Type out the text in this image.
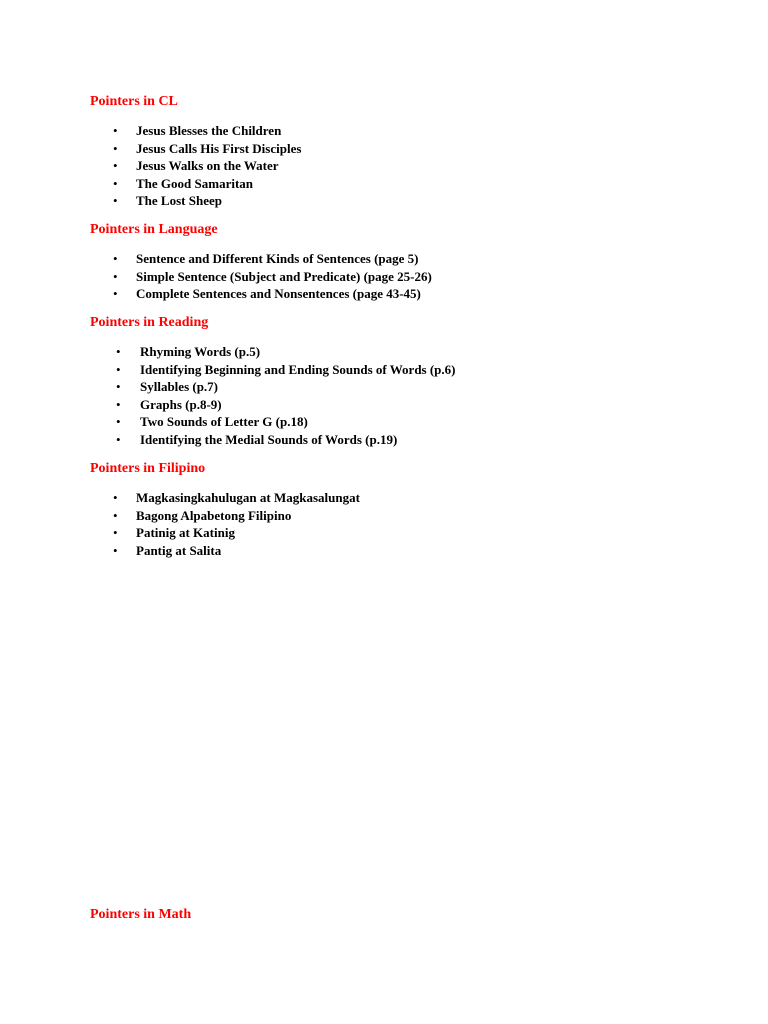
Pointers in CL
• Jesus Blesses the Children
• Jesus Calls His First Disciples
• Jesus Walks on the Water
• The Good Samaritan
• The Lost Sheep
Pointers in Language
• Sentence and Different Kinds of Sentences (page 5)
• Simple Sentence (Subject and Predicate) (page 25-26)
• Complete Sentences and Nonsentences (page 43-45)
Pointers in Reading
• Rhyming Words (p.5)
• Identifying Beginning and Ending Sounds of Words (p.6)
• Syllables (p.7)
• Graphs (p.8-9)
• Two Sounds of Letter G (p.18)
• Identifying the Medial Sounds of Words (p.19)
Pointers in Filipino
• Magkasingkahulugan at Magkasalungat
• Bagong Alpabetong Filipino
• Patinig at Katinig
• Pantig at Salita
Pointers in Math
